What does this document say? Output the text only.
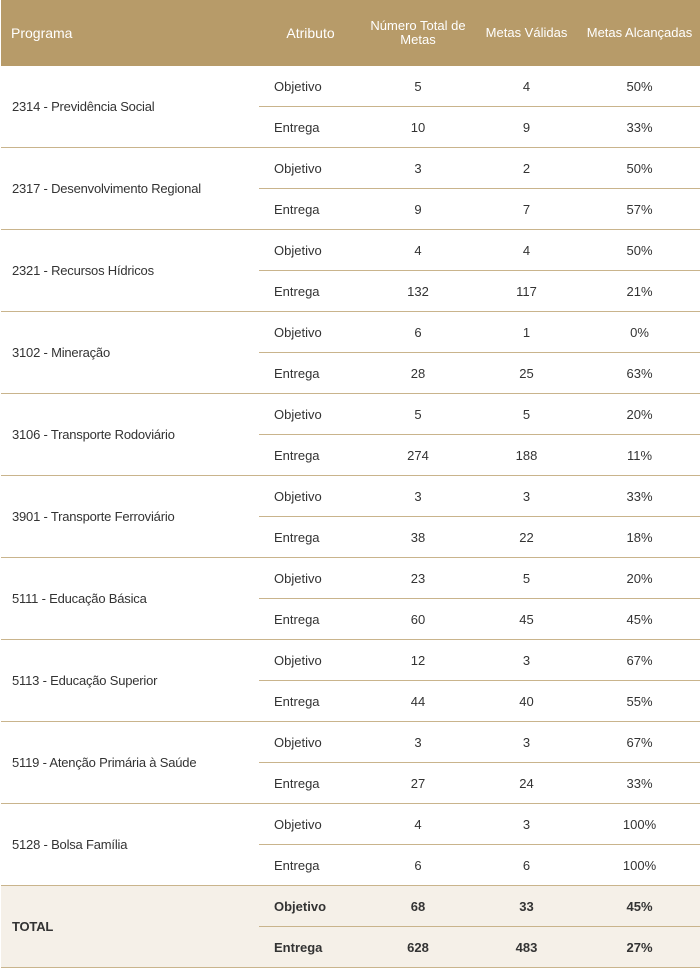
Programa	Atributo	Número Total de Metas	Metas Válidas	Metas Alcançadas
2314 - Previdência Social	Objetivo	5	4	50%
	Entrega	10	9	33%
2317 - Desenvolvimento Regional	Objetivo	3	2	50%
	Entrega	9	7	57%
2321 - Recursos Hídricos	Objetivo	4	4	50%
	Entrega	132	117	21%
3102 - Mineração	Objetivo	6	1	0%
	Entrega	28	25	63%
3106 - Transporte Rodoviário	Objetivo	5	5	20%
	Entrega	274	188	11%
3901 - Transporte Ferroviário	Objetivo	3	3	33%
	Entrega	38	22	18%
5111 - Educação Básica	Objetivo	23	5	20%
	Entrega	60	45	45%
5113 - Educação Superior	Objetivo	12	3	67%
	Entrega	44	40	55%
5119 - Atenção Primária à Saúde	Objetivo	3	3	67%
	Entrega	27	24	33%
5128 - Bolsa Família	Objetivo	4	3	100%
	Entrega	6	6	100%
TOTAL	Objetivo	68	33	45%
	Entrega	628	483	27%
